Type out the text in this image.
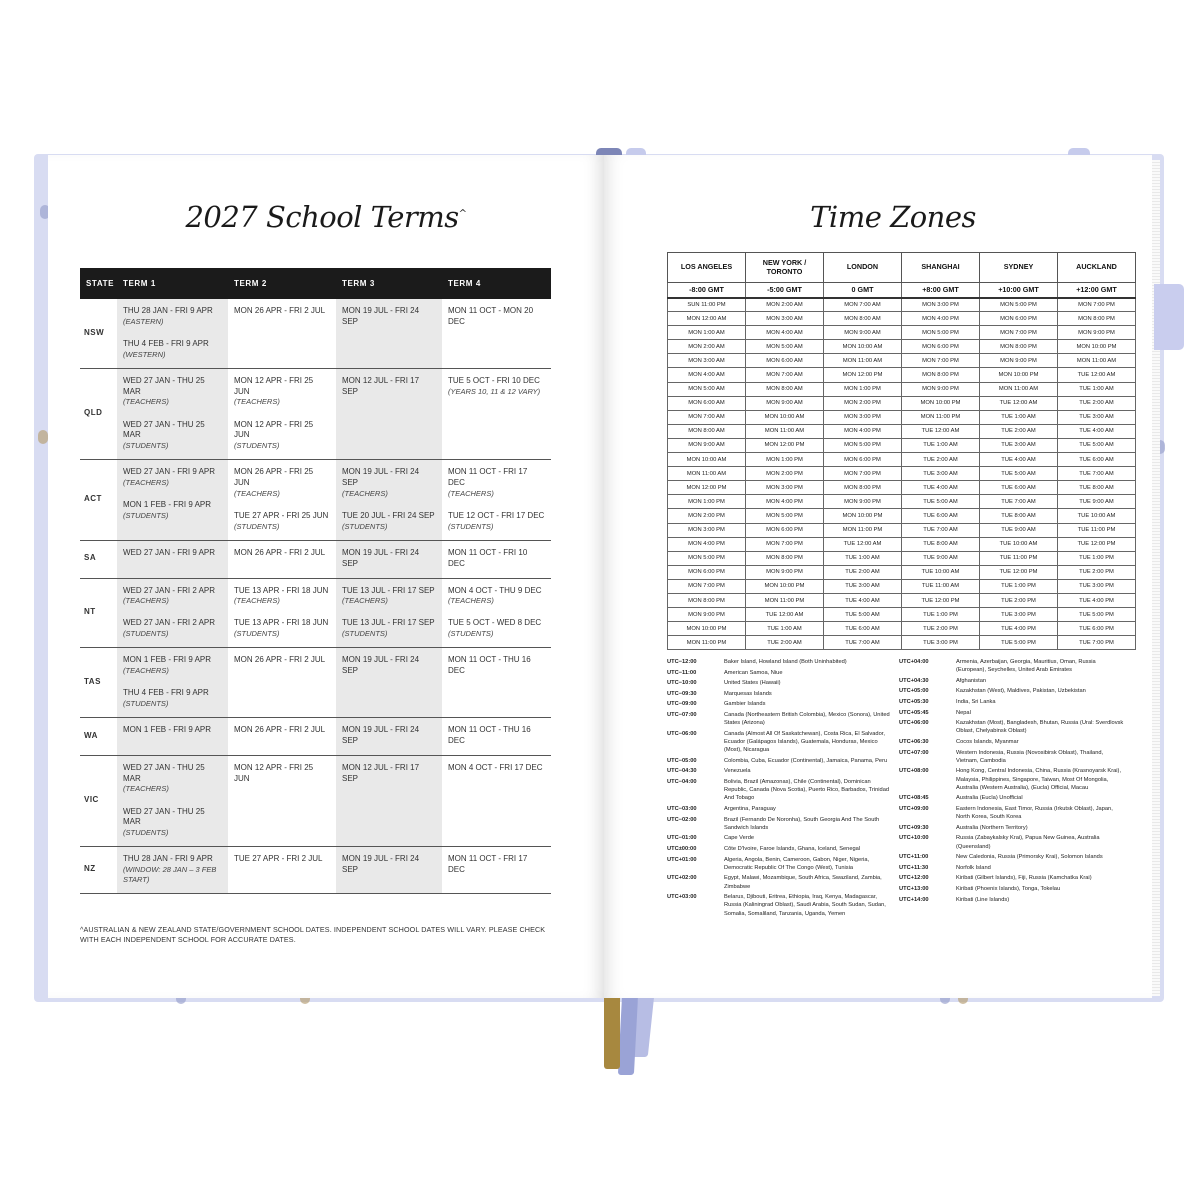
2027 School Terms^
STATE	TERM 1	TERM 2	TERM 3	TERM 4
NSW	THU 28 JAN - FRI 9 APR
(EASTERN)
THU 4 FEB - FRI 9 APR
(WESTERN)	MON 26 APR - FRI 2 JUL	MON 19 JUL - FRI 24 SEP	MON 11 OCT - MON 20 DEC

QLD	WED 27 JAN - THU 25 MAR
(TEACHERS)
WED 27 JAN - THU 25 MAR
(STUDENTS)	MON 12 APR - FRI 25 JUN
(TEACHERS)
MON 12 APR - FRI 25 JUN
(STUDENTS)	MON 12 JUL - FRI 17 SEP	TUE 5 OCT - FRI 10 DEC
(YEARS 10, 11 & 12 VARY)

ACT	WED 27 JAN - FRI 9 APR
(TEACHERS)
MON 1 FEB - FRI 9 APR
(STUDENTS)	MON 26 APR - FRI 25 JUN
(TEACHERS)
TUE 27 APR - FRI 25 JUN
(STUDENTS)	MON 19 JUL - FRI 24 SEP
(TEACHERS)
TUE 20 JUL - FRI 24 SEP
(STUDENTS)	MON 11 OCT - FRI 17 DEC
(TEACHERS)
TUE 12 OCT - FRI 17 DEC
(STUDENTS)

SA	WED 27 JAN - FRI 9 APR	MON 26 APR - FRI 2 JUL	MON 19 JUL - FRI 24 SEP	MON 11 OCT - FRI 10 DEC

NT	WED 27 JAN - FRI 2 APR
(TEACHERS)
WED 27 JAN - FRI 2 APR
(STUDENTS)	TUE 13 APR - FRI 18 JUN
(TEACHERS)
TUE 13 APR - FRI 18 JUN
(STUDENTS)	TUE 13 JUL - FRI 17 SEP
(TEACHERS)
TUE 13 JUL - FRI 17 SEP
(STUDENTS)	MON 4 OCT - THU 9 DEC
(TEACHERS)
TUE 5 OCT - WED 8 DEC
(STUDENTS)

TAS	MON 1 FEB - FRI 9 APR
(TEACHERS)
THU 4 FEB - FRI 9 APR
(STUDENTS)	MON 26 APR - FRI 2 JUL	MON 19 JUL - FRI 24 SEP	MON 11 OCT - THU 16 DEC

WA	MON 1 FEB - FRI 9 APR	MON 26 APR - FRI 2 JUL	MON 19 JUL - FRI 24 SEP	MON 11 OCT - THU 16 DEC

VIC	WED 27 JAN - THU 25 MAR
(TEACHERS)
WED 27 JAN - THU 25 MAR
(STUDENTS)	MON 12 APR - FRI 25 JUN	MON 12 JUL - FRI 17 SEP	MON 4 OCT - FRI 17 DEC

NZ	THU 28 JAN - FRI 9 APR
(WINDOW: 28 JAN – 3 FEB START)	TUE 27 APR - FRI 2 JUL	MON 19 JUL - FRI 24 SEP	MON 11 OCT - FRI 17 DEC
^AUSTRALIAN & NEW ZEALAND STATE/GOVERNMENT SCHOOL DATES. INDEPENDENT SCHOOL DATES WILL VARY. PLEASE CHECK WITH EACH INDEPENDENT SCHOOL FOR ACCURATE DATES.
Time Zones
LOS ANGELES	NEW YORK / TORONTO	LONDON	SHANGHAI	SYDNEY	AUCKLAND
-8:00 GMT	-5:00 GMT	0 GMT	+8:00 GMT	+10:00 GMT	+12:00 GMT
SUN 11:00 PM	MON 2:00 AM	MON 7:00 AM	MON 3:00 PM	MON 5:00 PM	MON 7:00 PM
MON 12:00 AM	MON 3:00 AM	MON 8:00 AM	MON 4:00 PM	MON 6:00 PM	MON 8:00 PM
MON 1:00 AM	MON 4:00 AM	MON 9:00 AM	MON 5:00 PM	MON 7:00 PM	MON 9:00 PM
MON 2:00 AM	MON 5:00 AM	MON 10:00 AM	MON 6:00 PM	MON 8:00 PM	MON 10:00 PM
MON 3:00 AM	MON 6:00 AM	MON 11:00 AM	MON 7:00 PM	MON 9:00 PM	MON 11:00 AM
MON 4:00 AM	MON 7:00 AM	MON 12:00 PM	MON 8:00 PM	MON 10:00 PM	TUE 12:00 AM
MON 5:00 AM	MON 8:00 AM	MON 1:00 PM	MON 9:00 PM	MON 11:00 AM	TUE 1:00 AM
MON 6:00 AM	MON 9:00 AM	MON 2:00 PM	MON 10:00 PM	TUE 12:00 AM	TUE 2:00 AM
MON 7:00 AM	MON 10:00 AM	MON 3:00 PM	MON 11:00 PM	TUE 1:00 AM	TUE 3:00 AM
MON 8:00 AM	MON 11:00 AM	MON 4:00 PM	TUE 12:00 AM	TUE 2:00 AM	TUE 4:00 AM
MON 9:00 AM	MON 12:00 PM	MON 5:00 PM	TUE 1:00 AM	TUE 3:00 AM	TUE 5:00 AM
MON 10:00 AM	MON 1:00 PM	MON 6:00 PM	TUE 2:00 AM	TUE 4:00 AM	TUE 6:00 AM
MON 11:00 AM	MON 2:00 PM	MON 7:00 PM	TUE 3:00 AM	TUE 5:00 AM	TUE 7:00 AM
MON 12:00 PM	MON 3:00 PM	MON 8:00 PM	TUE 4:00 AM	TUE 6:00 AM	TUE 8:00 AM
MON 1:00 PM	MON 4:00 PM	MON 9:00 PM	TUE 5:00 AM	TUE 7:00 AM	TUE 9:00 AM
MON 2:00 PM	MON 5:00 PM	MON 10:00 PM	TUE 6:00 AM	TUE 8:00 AM	TUE 10:00 AM
MON 3:00 PM	MON 6:00 PM	MON 11:00 PM	TUE 7:00 AM	TUE 9:00 AM	TUE 11:00 PM
MON 4:00 PM	MON 7:00 PM	TUE 12:00 AM	TUE 8:00 AM	TUE 10:00 AM	TUE 12:00 PM
MON 5:00 PM	MON 8:00 PM	TUE 1:00 AM	TUE 9:00 AM	TUE 11:00 PM	TUE 1:00 PM
MON 6:00 PM	MON 9:00 PM	TUE 2:00 AM	TUE 10:00 AM	TUE 12:00 PM	TUE 2:00 PM
MON 7:00 PM	MON 10:00 PM	TUE 3:00 AM	TUE 11:00 AM	TUE 1:00 PM	TUE 3:00 PM
MON 8:00 PM	MON 11:00 PM	TUE 4:00 AM	TUE 12:00 PM	TUE 2:00 PM	TUE 4:00 PM
MON 9:00 PM	TUE 12:00 AM	TUE 5:00 AM	TUE 1:00 PM	TUE 3:00 PM	TUE 5:00 PM
MON 10:00 PM	TUE 1:00 AM	TUE 6:00 AM	TUE 2:00 PM	TUE 4:00 PM	TUE 6:00 PM
MON 11:00 PM	TUE 2:00 AM	TUE 7:00 AM	TUE 3:00 PM	TUE 5:00 PM	TUE 7:00 PM
UTC−12:00	Baker Island, Howland Island (Both Uninhabited)
UTC−11:00	American Samoa, Niue
UTC−10:00	United States (Hawaii)
UTC−09:30	Marquesas Islands
UTC−09:00	Gambier Islands
UTC−07:00	Canada (Northeastern British Colombia), Mexico (Sonora), United States (Arizona)
UTC−06:00	Canada (Almost All Of Saskatchewan), Costa Rica, El Salvador, Ecuador (Galápagos Islands), Guatemala, Honduras, Mexico (Most), Nicaragua
UTC−05:00	Colombia, Cuba, Ecuador (Continental), Jamaica, Panama, Peru
UTC−04:30	Venezuela
UTC−04:00	Bolivia, Brazil (Amazonas), Chile (Continental), Dominican Republic, Canada (Nova Scotia), Puerto Rico, Barbados, Trinidad And Tobago
UTC−03:00	Argentina, Paraguay
UTC−02:00	Brazil (Fernando De Noronha), South Georgia And The South Sandwich Islands
UTC−01:00	Cape Verde
UTC±00:00	Côte D'Ivoire, Faroe Islands, Ghana, Iceland, Senegal
UTC+01:00	Algeria, Angola, Benin, Cameroon, Gabon, Niger, Nigeria, Democratic Republic Of The Congo (West), Tunisia
UTC+02:00	Egypt, Malawi, Mozambique, South Africa, Swaziland, Zambia, Zimbabwe
UTC+03:00	Belarus, Djibouti, Eritrea, Ethiopia, Iraq, Kenya, Madagascar, Russia (Kaliningrad Oblast), Saudi Arabia, South Sudan, Sudan, Somalia, Somaliland, Tanzania, Uganda, Yemen
UTC+04:00	Armenia, Azerbaijan, Georgia, Mauritius, Oman, Russia (European), Seychelles, United Arab Emirates
UTC+04:30	Afghanistan
UTC+05:00	Kazakhstan (West), Maldives, Pakistan, Uzbekistan
UTC+05:30	India, Sri Lanka
UTC+05:45	Nepal
UTC+06:00	Kazakhstan (Most), Bangladesh, Bhutan, Russia (Ural: Sverdlovsk Oblast, Chelyabinsk Oblast)
UTC+06:30	Cocos Islands, Myanmar
UTC+07:00	Western Indonesia, Russia (Novosibirsk Oblast), Thailand, Vietnam, Cambodia
UTC+08:00	Hong Kong, Central Indonesia, China, Russia (Krasnoyarsk Krai), Malaysia, Philippines, Singapore, Taiwan, Most Of Mongolia, Australia (Western Australia), (Eucla) Official, Macau
UTC+08:45	Australia (Eucla) Unofficial
UTC+09:00	Eastern Indonesia, East Timor, Russia (Irkutsk Oblast), Japan, North Korea, South Korea
UTC+09:30	Australia (Northern Territory)
UTC+10:00	Russia (Zabaykalsky Krai), Papua New Guinea, Australia (Queensland)
UTC+11:00	New Caledonia, Russia (Primorsky Krai), Solomon Islands
UTC+11:30	Norfolk Island
UTC+12:00	Kiribati (Gilbert Islands), Fiji, Russia (Kamchatka Krai)
UTC+13:00	Kiribati (Phoenix Islands), Tonga, Tokelau
UTC+14:00	Kiribati (Line Islands)
